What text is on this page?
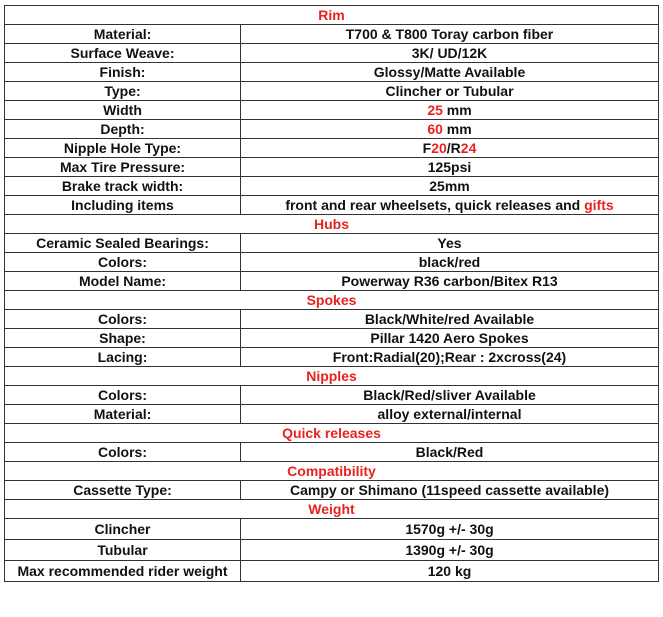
Rim	
Material:	T700 & T800 Toray carbon fiber
Surface Weave:	3K/ UD/12K
Finish:	Glossy/Matte Available
Type:	Clincher or Tubular
Width	25 mm
Depth:	60 mm
Nipple Hole Type:	F20/R24
Max Tire Pressure:	125psi
Brake track width:	25mm
Including items	front and rear wheelsets, quick releases and gifts
Hubs	
Ceramic Sealed Bearings:	Yes
Colors:	black/red
Model Name:	Powerway R36 carbon/Bitex R13
Spokes	
Colors:	Black/White/red Available
Shape:	Pillar 1420 Aero Spokes
Lacing:	Front:Radial(20);Rear : 2xcross(24)
Nipples	
Colors:	Black/Red/sliver Available
Material:	alloy external/internal
Quick releases	
Colors:	Black/Red
Compatibility	
Cassette Type:	Campy or Shimano (11speed cassette available)
Weight	
Clincher	1570g +/- 30g
Tubular	1390g +/- 30g
Max recommended rider weight	120 kg
